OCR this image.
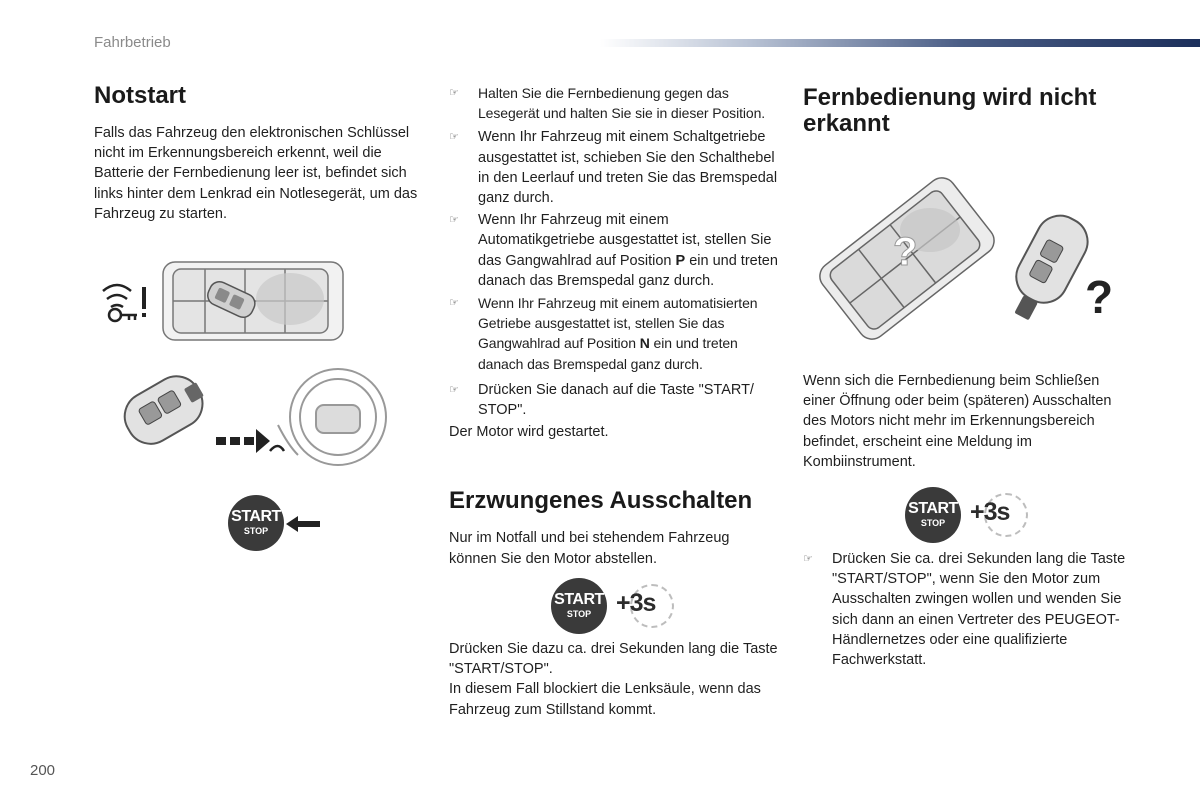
Fahrbetrieb
Notstart

Falls das Fahrzeug den elektronischen Schlüssel nicht im Erkennungsbereich erkennt, weil die Batterie der Fernbedienung leer ist, befindet sich links hinter dem Lenkrad ein Notlesegerät, um das Fahrzeug zu starten.

START
STOP
☞ Halten Sie die Fernbedienung gegen das Lesegerät und halten Sie sie in dieser Position.
☞ Wenn Ihr Fahrzeug mit einem Schaltgetriebe ausgestattet ist, schieben Sie den Schalthebel in den Leerlauf und treten Sie das Bremspedal ganz durch.
☞ Wenn Ihr Fahrzeug mit einem Automatikgetriebe ausgestattet ist, stellen Sie das Gangwahlrad auf Position P ein und treten danach das Bremspedal ganz durch.
☞ Wenn Ihr Fahrzeug mit einem automatisierten Getriebe ausgestattet ist, stellen Sie das Gangwahlrad auf Position N ein und treten danach das Bremspedal ganz durch.
☞ Drücken Sie danach auf die Taste "START/ STOP".

Der Motor wird gestartet.

Erzwungenes Ausschalten

Nur im Notfall und bei stehendem Fahrzeug können Sie den Motor abstellen.

START
STOP +3s

Drücken Sie dazu ca. drei Sekunden lang die Taste "START/STOP".

In diesem Fall blockiert die Lenksäule, wenn das Fahrzeug zum Stillstand kommt.

Fernbedienung wird nicht erkannt
?
?

Wenn sich die Fernbedienung beim Schließen einer Öffnung oder beim (späteren) Ausschalten des Motors nicht mehr im Erkennungsbereich befindet, erscheint eine Meldung im Kombiinstrument.

START
STOP +3s
☞ Drücken Sie ca. drei Sekunden lang die Taste "START/STOP", wenn Sie den Motor zum Ausschalten zwingen wollen und wenden Sie sich dann an einen Vertreter des PEUGEOT-Händlernetzes oder eine qualifizierte Fachwerkstatt.
200
